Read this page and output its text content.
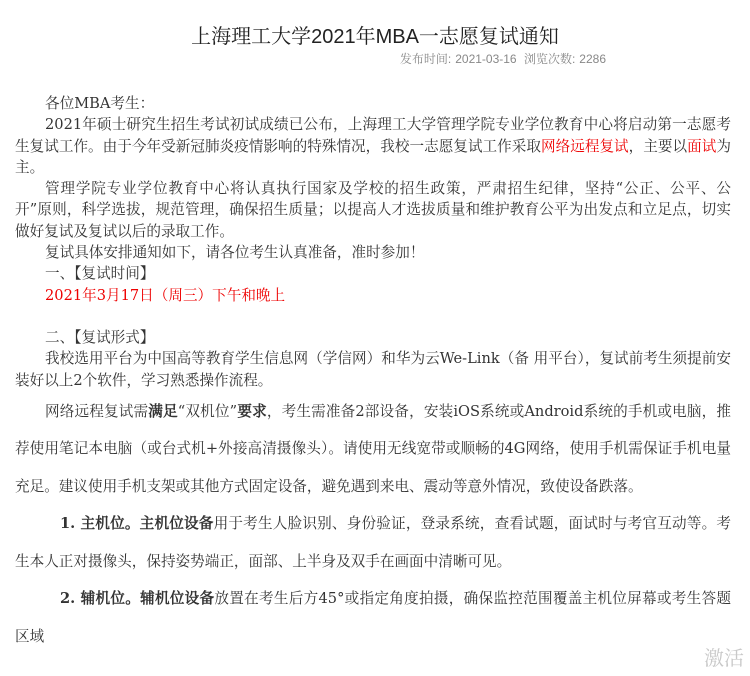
上海理工大学2021年MBA一志愿复试通知
发布时间: 2021-03-16 浏览次数: 2286

各位MBA考生：

2021年硕士研究生招生考试初试成绩已公布，上海理工大学管理学院专业学位教育中心将启动第一志愿考生复试工作。由于今年受新冠肺炎疫情影响的特殊情况，我校一志愿复试工作采取网络远程复试，主要以面试为主。

管理学院专业学位教育中心将认真执行国家及学校的招生政策，严肃招生纪律，坚持“公正、公平、公开”原则，科学选拔，规范管理，确保招生质量；以提高人才选拔质量和维护教育公平为出发点和立足点，切实做好复试及复试以后的录取工作。

复试具体安排通知如下，请各位考生认真准备，准时参加！

一、【复试时间】

2021年3月17日（周三）下午和晚上

二、【复试形式】

我校选用平台为中国高等教育学生信息网（学信网）和华为云We-Link（备 用平台），复试前考生须提前安装好以上2个软件，学习熟悉操作流程。

网络远程复试需满足“双机位”要求，考生需准备2部设备，安装iOS系统或Android系统的手机或电脑，推荐使用笔记本电脑（或台式机+外接高清摄像头）。请使用无线宽带或顺畅的4G网络，使用手机需保证手机电量充足。建议使用手机支架或其他方式固定设备，避免遇到来电、震动等意外情况，致使设备跌落。

1. 主机位。主机位设备用于考生人脸识别、身份验证，登录系统，查看试题，面试时与考官互动等。考生本人正对摄像头，保持姿势端正，面部、上半身及双手在画面中清晰可见。

2. 辅机位。辅机位设备放置在考生后方45°或指定角度拍摄，确保监控范围覆盖主机位屏幕或考生答题区域

激活
